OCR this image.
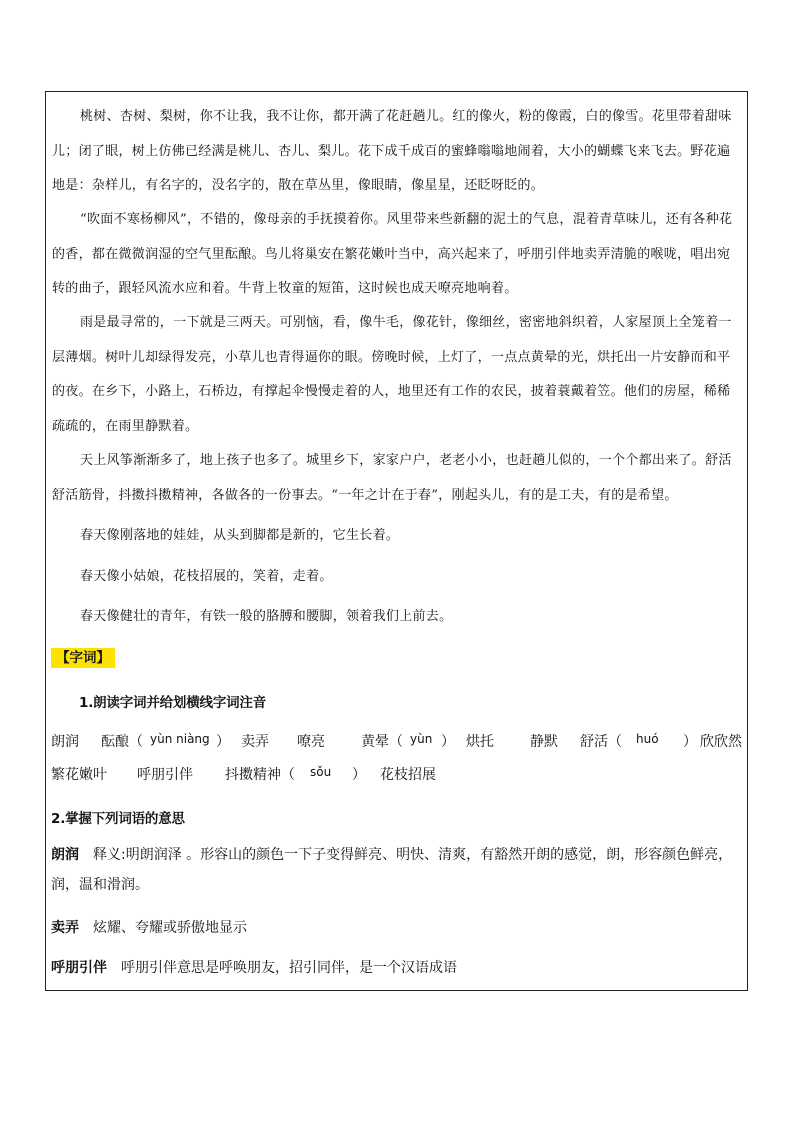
桃树、杏树、梨树，你不让我，我不让你，都开满了花赶趟儿。红的像火，粉的像霞，白的像雪。花里带着甜味儿；闭了眼，树上仿佛已经满是桃儿、杏儿、梨儿。花下成千成百的蜜蜂嗡嗡地闹着，大小的蝴蝶飞来飞去。野花遍地是：杂样儿，有名字的，没名字的，散在草丛里，像眼睛，像星星，还眨呀眨的。

“吹面不寒杨柳风”，不错的，像母亲的手抚摸着你。风里带来些新翻的泥土的气息，混着青草味儿，还有各种花的香，都在微微润湿的空气里酝酿。鸟儿将巢安在繁花嫩叶当中，高兴起来了，呼朋引伴地卖弄清脆的喉咙，唱出宛转的曲子，跟轻风流水应和着。牛背上牧童的短笛，这时候也成天嘹亮地响着。

雨是最寻常的，一下就是三两天。可别恼，看，像牛毛，像花针，像细丝，密密地斜织着，人家屋顶上全笼着一层薄烟。树叶儿却绿得发亮，小草儿也青得逼你的眼。傍晚时候，上灯了，一点点黄晕的光，烘托出一片安静而和平的夜。在乡下，小路上，石桥边，有撑起伞慢慢走着的人，地里还有工作的农民，披着蓑戴着笠。他们的房屋，稀稀疏疏的，在雨里静默着。

天上风筝渐渐多了，地上孩子也多了。城里乡下，家家户户，老老小小，也赶趟儿似的，一个个都出来了。舒活舒活筋骨，抖擞抖擞精神，各做各的一份事去。“一年之计在于春”，刚起头儿，有的是工夫，有的是希望。

春天像刚落地的娃娃，从头到脚都是新的，它生长着。

春天像小姑娘，花枝招展的，笑着，走着。

春天像健壮的青年，有铁一般的胳膊和腰脚，领着我们上前去。

【字词】
1.朗读字词并给划横线字词注音
朗润 酝酿（ yùn niàng ） 卖弄 嘹亮	黄晕（ yùn ） 烘托	静默 舒活（ huó ） 欣欣然
繁花嫩叶 呼朋引伴 抖擞精神（ sǒu ） 花枝招展
2.掌握下列词语的意思

朗润 释义:明朗润泽 。形容山的颜色一下子变得鲜亮、明快、清爽，有豁然开朗的感觉，朗，形容颜色鲜亮，润，温和滑润。

卖弄 炫耀、夸耀或骄傲地显示

呼朋引伴 呼朋引伴意思是呼唤朋友，招引同伴，是一个汉语成语
